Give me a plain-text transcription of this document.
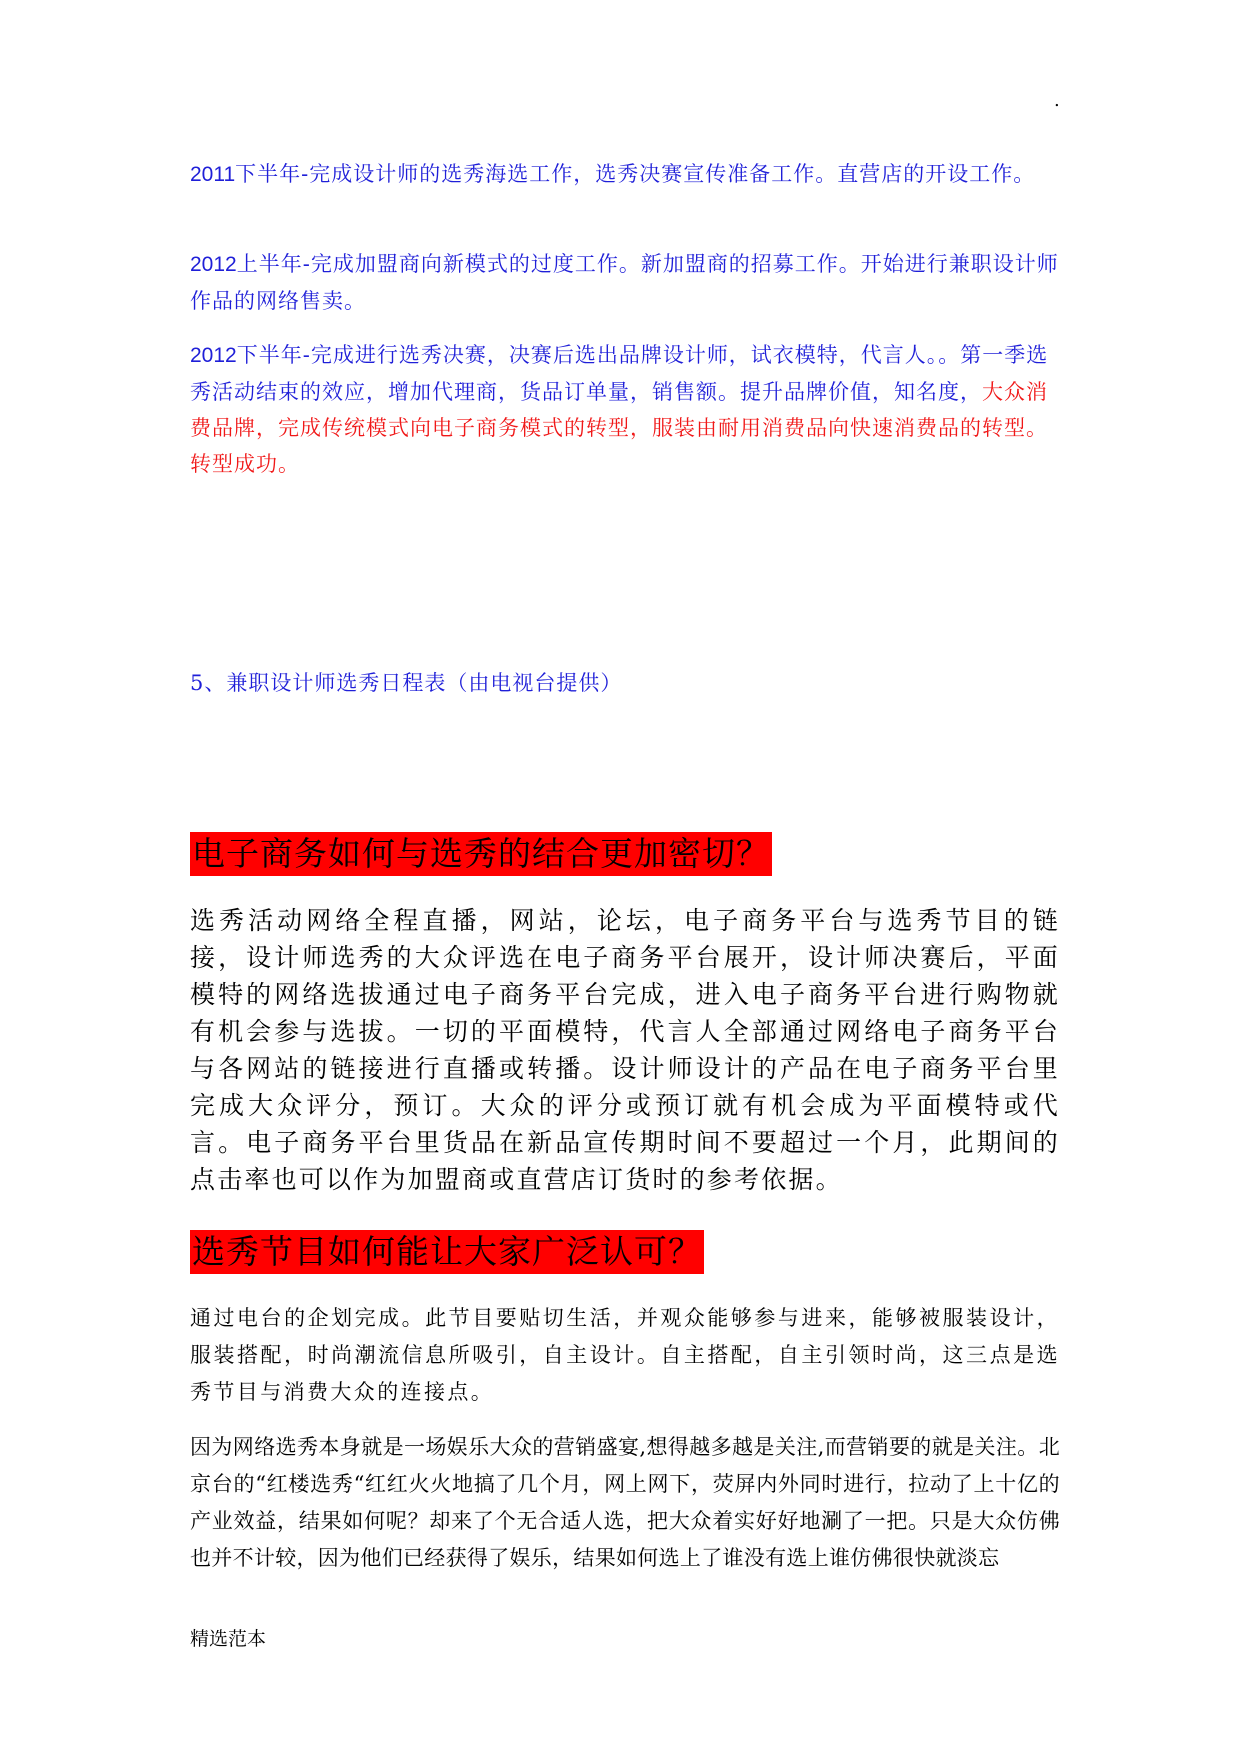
.
2011下半年-完成设计师的选秀海选工作，选秀决赛宣传准备工作。直营店的开设工作。
2012上半年-完成加盟商向新模式的过度工作。新加盟商的招募工作。开始进行兼职设计师作品的网络售卖。
2012下半年-完成进行选秀决赛，决赛后选出品牌设计师，试衣模特，代言人。。第一季选秀活动结束的效应，增加代理商，货品订单量，销售额。提升品牌价值，知名度，大众消费品牌，完成传统模式向电子商务模式的转型，服装由耐用消费品向快速消费品的转型。转型成功。
5、兼职设计师选秀日程表（由电视台提供）
电子商务如何与选秀的结合更加密切？
选秀活动网络全程直播，网站，论坛，电子商务平台与选秀节目的链接，设计师选秀的大众评选在电子商务平台展开，设计师决赛后，平面模特的网络选拔通过电子商务平台完成，进入电子商务平台进行购物就有机会参与选拔。一切的平面模特，代言人全部通过网络电子商务平台与各网站的链接进行直播或转播。设计师设计的产品在电子商务平台里完成大众评分，预订。大众的评分或预订就有机会成为平面模特或代言。电子商务平台里货品在新品宣传期时间不要超过一个月，此期间的点击率也可以作为加盟商或直营店订货时的参考依据。
选秀节目如何能让大家广泛认可？
通过电台的企划完成。此节目要贴切生活，并观众能够参与进来，能够被服装设计，服装搭配，时尚潮流信息所吸引，自主设计。自主搭配，自主引领时尚，这三点是选秀节目与消费大众的连接点。
因为网络选秀本身就是一场娱乐大众的营销盛宴,想得越多越是关注,而营销要的就是关注。北京台的“红楼选秀“红红火火地搞了几个月，网上网下，荧屏内外同时进行，拉动了上十亿的产业效益，结果如何呢？却来了个无合适人选，把大众着实好好地涮了一把。只是大众仿佛也并不计较，因为他们已经获得了娱乐，结果如何选上了谁没有选上谁仿佛很快就淡忘
精选范本
